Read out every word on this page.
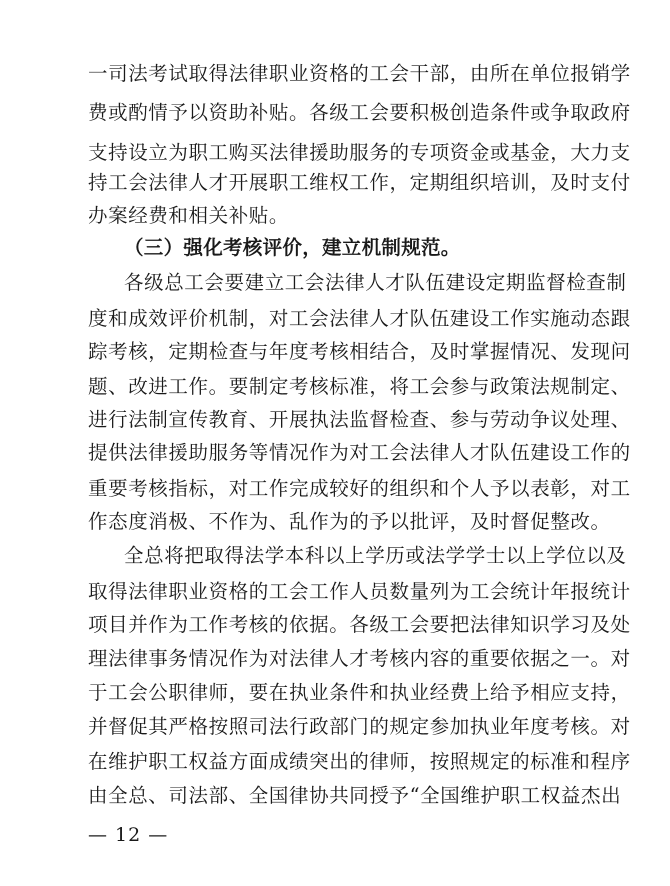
一司法考试取得法律职业资格的工会干部，由所在单位报销学
费或酌情予以资助补贴。各级工会要积极创造条件或争取政府
支持设立为职工购买法律援助服务的专项资金或基金，大力支
持工会法律人才开展职工维权工作，定期组织培训，及时支付
办案经费和相关补贴。
（三）强化考核评价，建立机制规范。
各级总工会要建立工会法律人才队伍建设定期监督检查制
度和成效评价机制，对工会法律人才队伍建设工作实施动态跟
踪考核，定期检查与年度考核相结合，及时掌握情况、发现问
题、改进工作。要制定考核标准，将工会参与政策法规制定、
进行法制宣传教育、开展执法监督检查、参与劳动争议处理、
提供法律援助服务等情况作为对工会法律人才队伍建设工作的
重要考核指标，对工作完成较好的组织和个人予以表彰，对工
作态度消极、不作为、乱作为的予以批评，及时督促整改。
全总将把取得法学本科以上学历或法学学士以上学位以及
取得法律职业资格的工会工作人员数量列为工会统计年报统计
项目并作为工作考核的依据。各级工会要把法律知识学习及处
理法律事务情况作为对法律人才考核内容的重要依据之一。对
于工会公职律师，要在执业条件和执业经费上给予相应支持，
并督促其严格按照司法行政部门的规定参加执业年度考核。对
在维护职工权益方面成绩突出的律师，按照规定的标准和程序
由全总、司法部、全国律协共同授予“全国维护职工权益杰出
— 12 —
